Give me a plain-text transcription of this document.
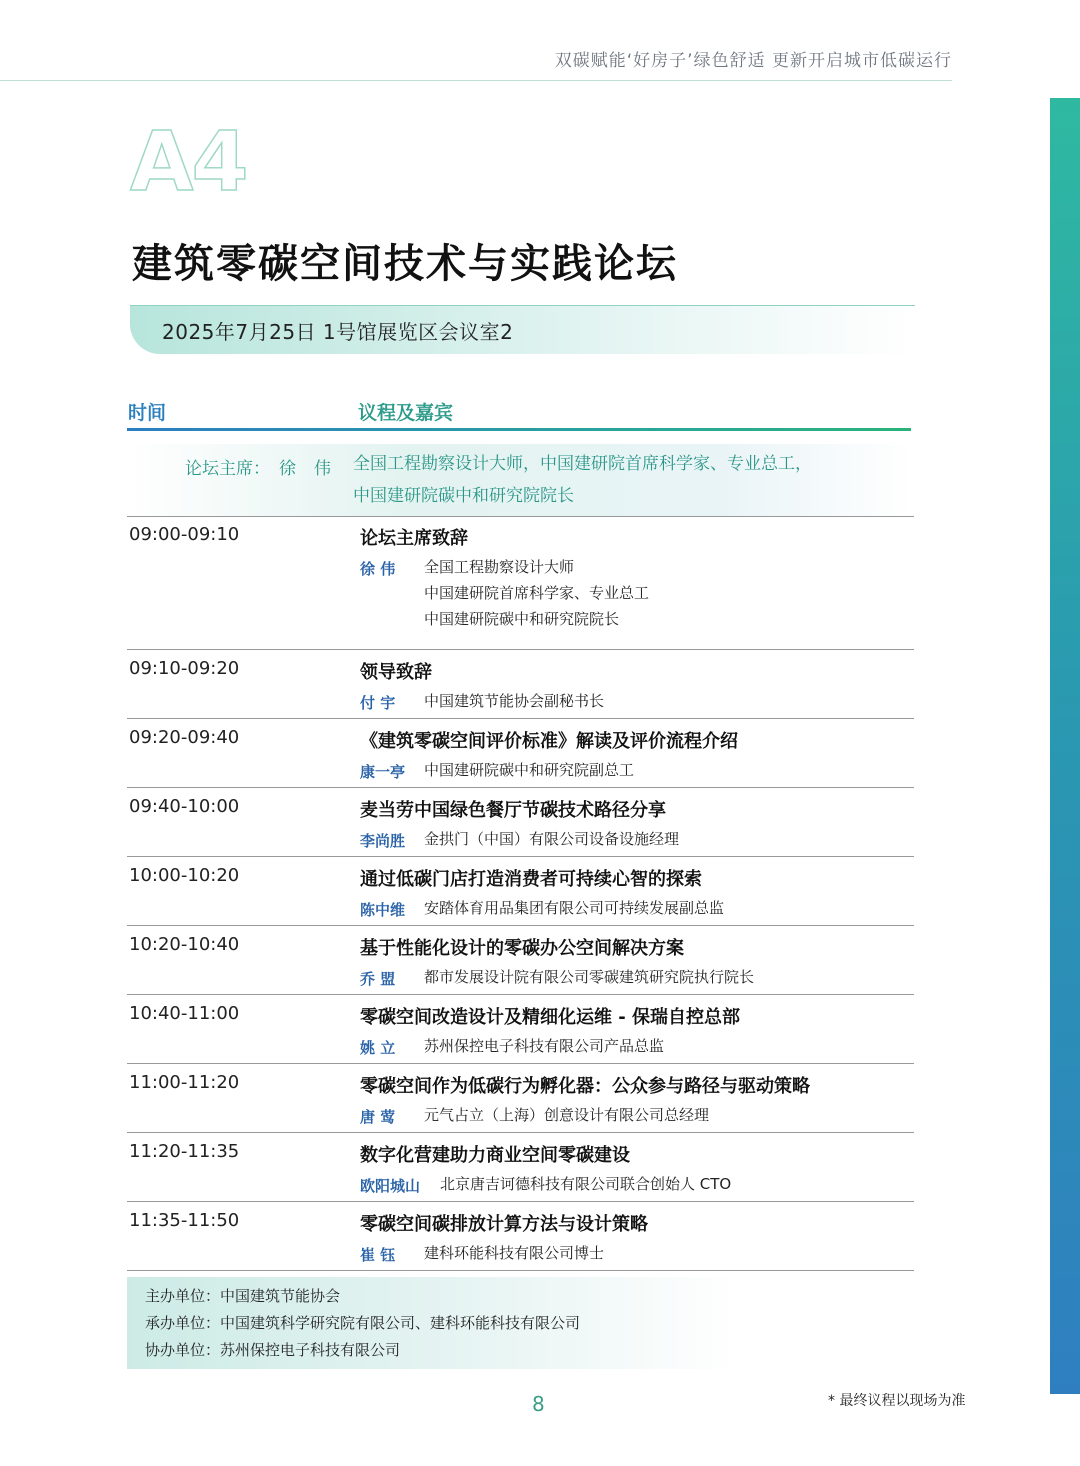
双碳赋能‘好房子’绿色舒适 更新开启城市低碳运行
A4
建筑零碳空间技术与实践论坛
2025年7月25日 1号馆展览区会议室2
时间	议程及嘉宾
论坛主席： 徐伟 全国工程勘察设计大师，中国建研院首席科学家、专业总工，
中国建研院碳中和研究院院长
09:00-09:10	论坛主席致辞
徐 伟 全国工程勘察设计大师
中国建研院首席科学家、专业总工
中国建研院碳中和研究院院长
09:10-09:20	领导致辞
付 宇 中国建筑节能协会副秘书长
09:20-09:40	《建筑零碳空间评价标准》解读及评价流程介绍
康一亭 中国建研院碳中和研究院副总工
09:40-10:00	麦当劳中国绿色餐厅节碳技术路径分享
李尚胜 金拱门（中国）有限公司设备设施经理
10:00-10:20	通过低碳门店打造消费者可持续心智的探索
陈中维 安踏体育用品集团有限公司可持续发展副总监
10:20-10:40	基于性能化设计的零碳办公空间解决方案
乔 盟 都市发展设计院有限公司零碳建筑研究院执行院长
10:40-11:00	零碳空间改造设计及精细化运维 - 保瑞自控总部
姚 立 苏州保控电子科技有限公司产品总监
11:00-11:20	零碳空间作为低碳行为孵化器：公众参与路径与驱动策略
唐 莺 元气占立（上海）创意设计有限公司总经理
11:20-11:35	数字化营建助力商业空间零碳建设
欧阳城山 北京唐吉诃德科技有限公司联合创始人 CTO
11:35-11:50	零碳空间碳排放计算方法与设计策略
崔 钰 建科环能科技有限公司博士
主办单位：中国建筑节能协会
承办单位：中国建筑科学研究院有限公司、建科环能科技有限公司
协办单位：苏州保控电子科技有限公司
8	* 最终议程以现场为准
